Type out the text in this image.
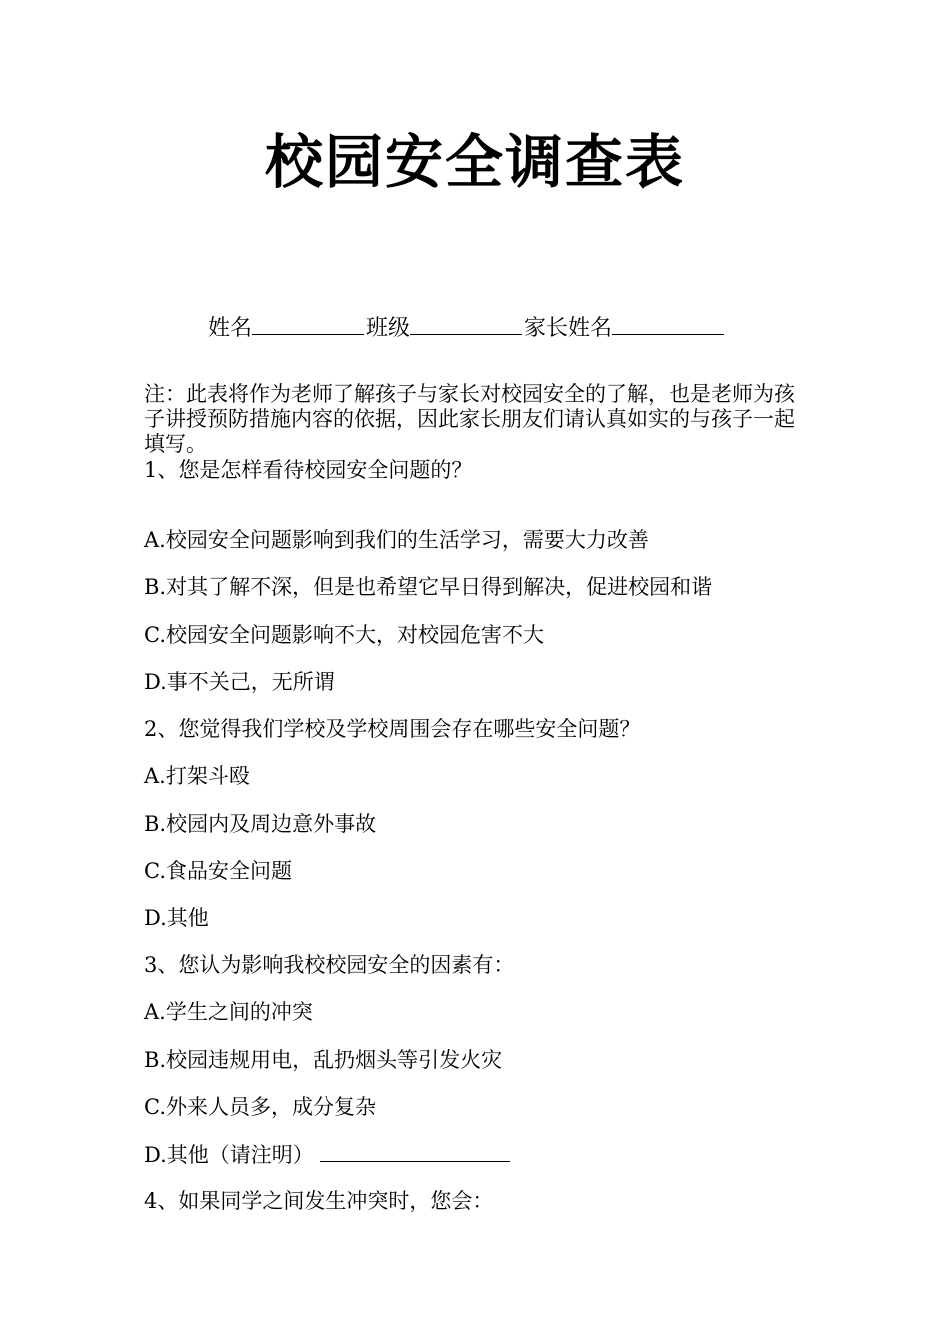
校园安全调查表
姓名	班级	家长姓名
注：此表将作为老师了解孩子与家长对校园安全的了解，也是老师为孩子讲授预防措施内容的依据，因此家长朋友们请认真如实的与孩子一起填写。
1、您是怎样看待校园安全问题的？
A.校园安全问题影响到我们的生活学习，需要大力改善
B.对其了解不深，但是也希望它早日得到解决，促进校园和谐
C.校园安全问题影响不大，对校园危害不大
D.事不关己，无所谓
2、您觉得我们学校及学校周围会存在哪些安全问题？
A.打架斗殴
B.校园内及周边意外事故
C.食品安全问题
D.其他
3、您认为影响我校校园安全的因素有：
A.学生之间的冲突
B.校园违规用电，乱扔烟头等引发火灾
C.外来人员多，成分复杂
D.其他（请注明）
4、如果同学之间发生冲突时，您会：
